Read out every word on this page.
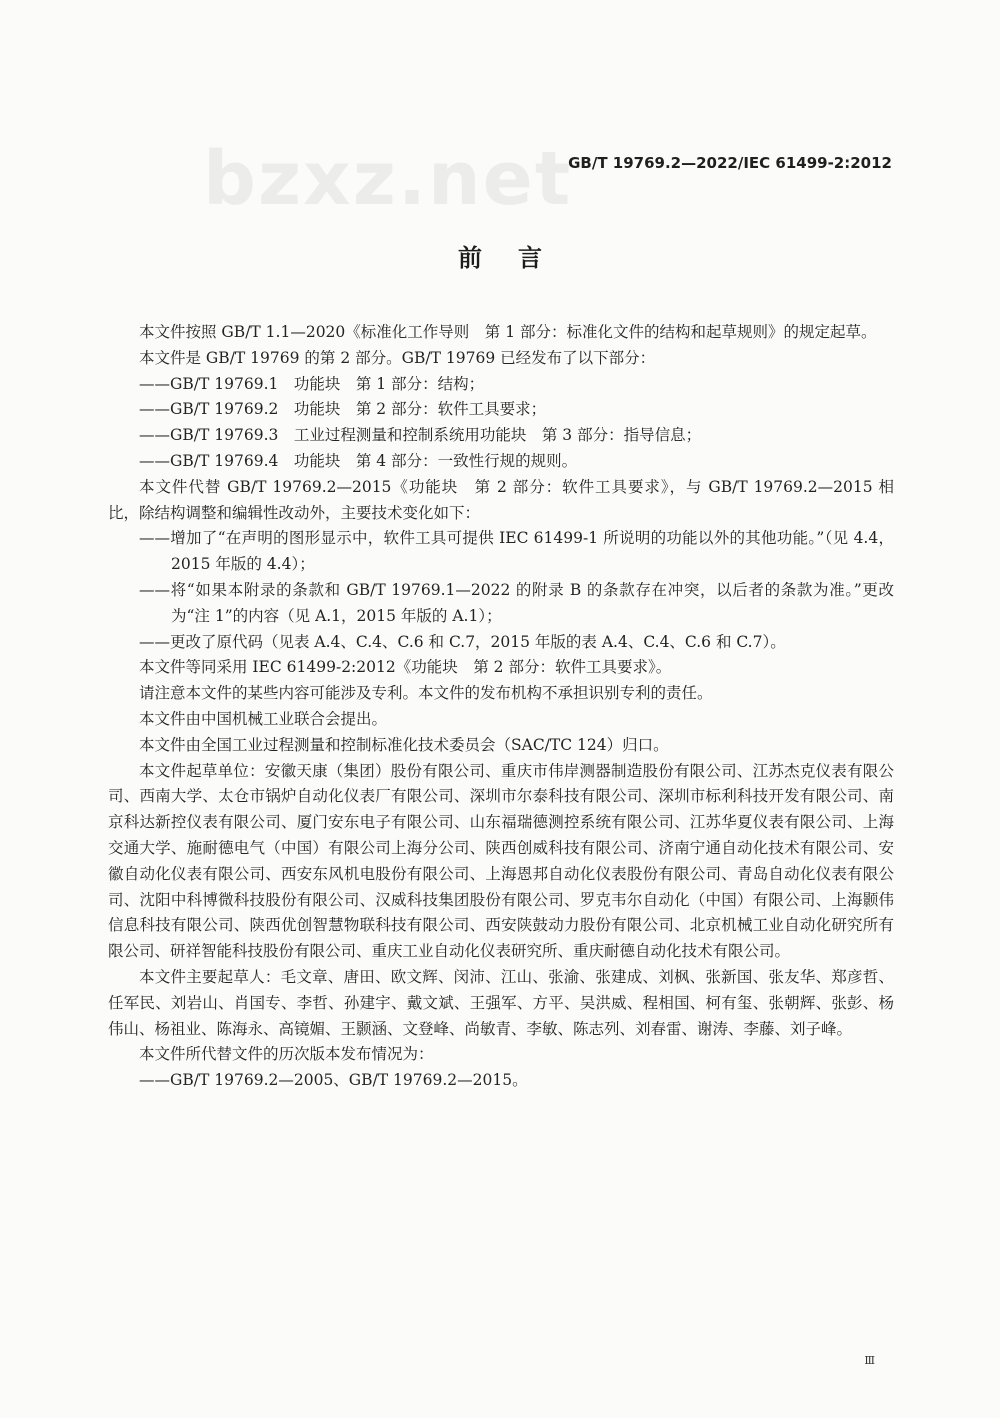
bzxz.net
GB/T 19769.2—2022/IEC 61499-2:2012
前言

本文件按照 GB/T 1.1—2020《标准化工作导则　第 1 部分：标准化文件的结构和起草规则》的规定起草。

本文件是 GB/T 19769 的第 2 部分。GB/T 19769 已经发布了以下部分：

——GB/T 19769.1　功能块　第 1 部分：结构；

——GB/T 19769.2　功能块　第 2 部分：软件工具要求；

——GB/T 19769.3　工业过程测量和控制系统用功能块　第 3 部分：指导信息；

——GB/T 19769.4　功能块　第 4 部分：一致性行规的规则。

本文件代替 GB/T 19769.2—2015《功能块　第 2 部分：软件工具要求》，与 GB/T 19769.2—2015 相比，除结构调整和编辑性改动外，主要技术变化如下：

——增加了“在声明的图形显示中，软件工具可提供 IEC 61499-1 所说明的功能以外的其他功能。”（见 4.4，2015 年版的 4.4）；

——将“如果本附录的条款和 GB/T 19769.1—2022 的附录 B 的条款存在冲突，以后者的条款为准。”更改为“注 1”的内容（见 A.1，2015 年版的 A.1）；

——更改了原代码（见表 A.4、C.4、C.6 和 C.7，2015 年版的表 A.4、C.4、C.6 和 C.7）。

本文件等同采用 IEC 61499-2:2012《功能块　第 2 部分：软件工具要求》。

请注意本文件的某些内容可能涉及专利。本文件的发布机构不承担识别专利的责任。

本文件由中国机械工业联合会提出。

本文件由全国工业过程测量和控制标准化技术委员会（SAC/TC 124）归口。

本文件起草单位：安徽天康（集团）股份有限公司、重庆市伟岸测器制造股份有限公司、江苏杰克仪表有限公司、西南大学、太仓市锅炉自动化仪表厂有限公司、深圳市尔泰科技有限公司、深圳市标利科技开发有限公司、南京科达新控仪表有限公司、厦门安东电子有限公司、山东福瑞德测控系统有限公司、江苏华夏仪表有限公司、上海交通大学、施耐德电气（中国）有限公司上海分公司、陕西创威科技有限公司、济南宁通自动化技术有限公司、安徽自动化仪表有限公司、西安东风机电股份有限公司、上海恩邦自动化仪表股份有限公司、青岛自动化仪表有限公司、沈阳中科博微科技股份有限公司、汉威科技集团股份有限公司、罗克韦尔自动化（中国）有限公司、上海颢伟信息科技有限公司、陕西优创智慧物联科技有限公司、西安陕鼓动力股份有限公司、北京机械工业自动化研究所有限公司、研祥智能科技股份有限公司、重庆工业自动化仪表研究所、重庆耐德自动化技术有限公司。

本文件主要起草人：毛文章、唐田、欧文辉、闵沛、江山、张渝、张建成、刘枫、张新国、张友华、郑彦哲、任军民、刘岩山、肖国专、李哲、孙建宇、戴文斌、王强军、方平、吴洪威、程相国、柯有玺、张朝辉、张彭、杨伟山、杨祖业、陈海永、高镜媚、王颢涵、文登峰、尚敏青、李敏、陈志列、刘春雷、谢涛、李藤、刘子峰。

本文件所代替文件的历次版本发布情况为：

——GB/T 19769.2—2005、GB/T 19769.2—2015。

Ⅲ
